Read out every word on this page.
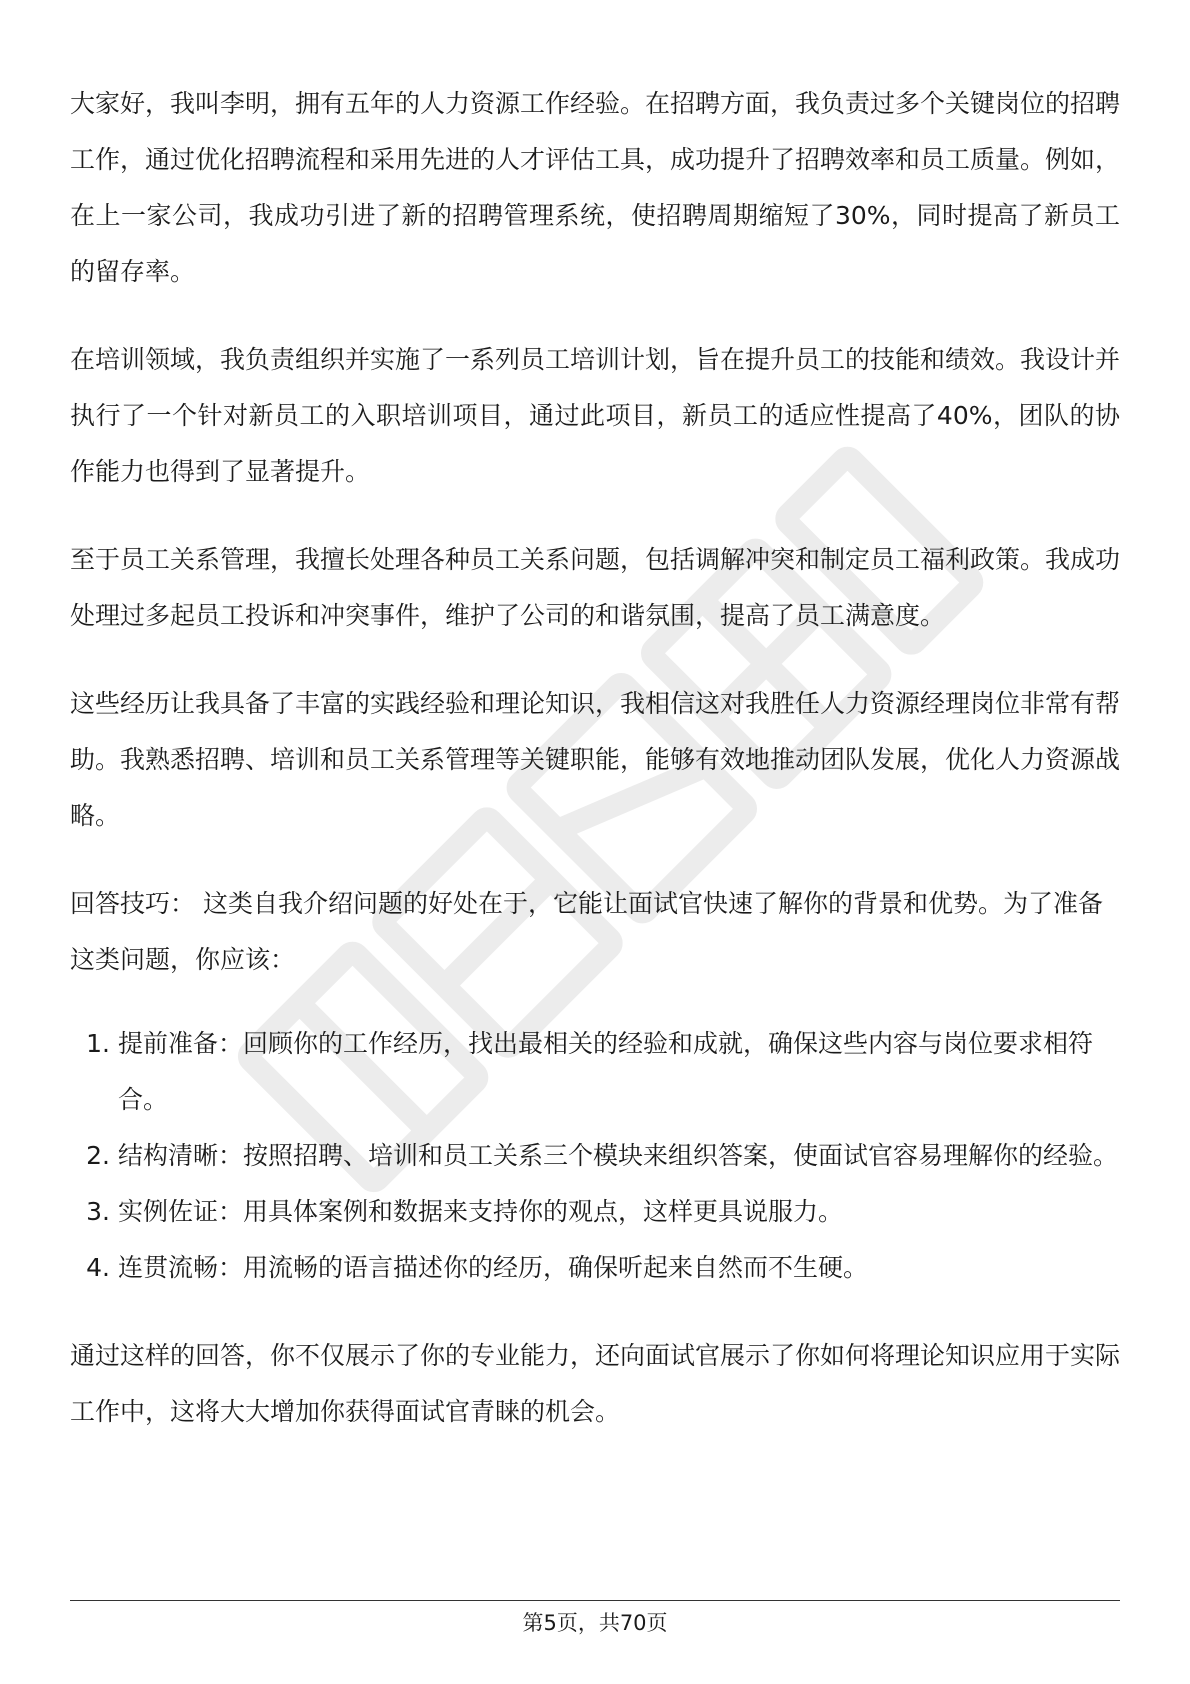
大家好，我叫李明，拥有五年的人力资源工作经验。在招聘方面，我负责过多个关键岗位的招聘工作，通过优化招聘流程和采用先进的人才评估工具，成功提升了招聘效率和员工质量。例如，在上一家公司，我成功引进了新的招聘管理系统，使招聘周期缩短了30%，同时提高了新员工的留存率。

在培训领域，我负责组织并实施了一系列员工培训计划，旨在提升员工的技能和绩效。我设计并执行了一个针对新员工的入职培训项目，通过此项目，新员工的适应性提高了40%，团队的协作能力也得到了显著提升。

至于员工关系管理，我擅长处理各种员工关系问题，包括调解冲突和制定员工福利政策。我成功处理过多起员工投诉和冲突事件，维护了公司的和谐氛围，提高了员工满意度。

这些经历让我具备了丰富的实践经验和理论知识，我相信这对我胜任人力资源经理岗位非常有帮助。我熟悉招聘、培训和员工关系管理等关键职能，能够有效地推动团队发展，优化人力资源战略。

回答技巧： 这类自我介绍问题的好处在于，它能让面试官快速了解你的背景和优势。为了准备这类问题，你应该：

1. 提前准备：回顾你的工作经历，找出最相关的经验和成就，确保这些内容与岗位要求相符合。
2. 结构清晰：按照招聘、培训和员工关系三个模块来组织答案，使面试官容易理解你的经验。
3. 实例佐证：用具体案例和数据来支持你的观点，这样更具说服力。
4. 连贯流畅：用流畅的语言描述你的经历，确保听起来自然而不生硬。

通过这样的回答，你不仅展示了你的专业能力，还向面试官展示了你如何将理论知识应用于实际工作中，这将大大增加你获得面试官青睐的机会。

第5页，共70页
